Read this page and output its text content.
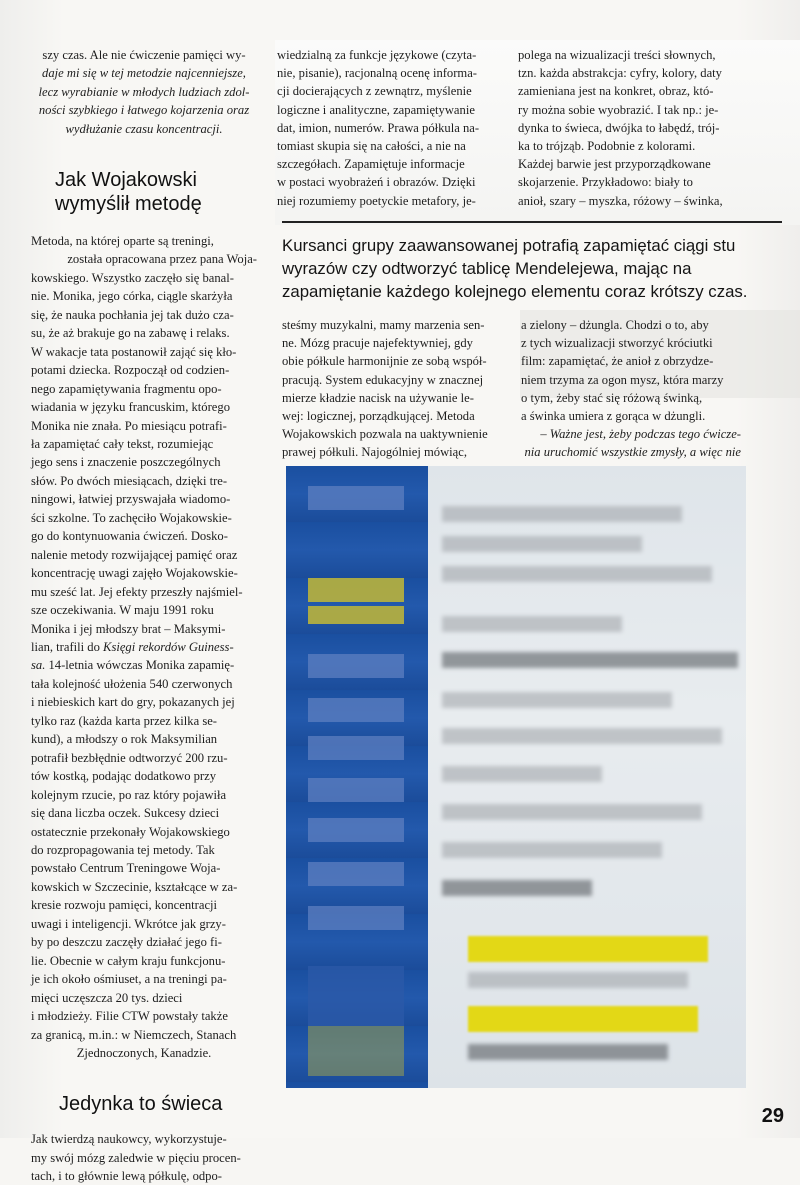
szy czas. Ale nie ćwiczenie pamięci wy-

daje mi się w tej metodzie najcenniejsze,

lecz wyrabianie w młodych ludziach zdol-

ności szybkiego i łatwego kojarzenia oraz

wydłużanie czasu koncentracji.

Jak Wojakowski
wymyślił metodę

Metoda, na której oparte są treningi,

została opracowana przez pana Woja-

kowskiego. Wszystko zaczęło się banal-

nie. Monika, jego córka, ciągle skarżyła

się, że nauka pochłania jej tak dużo cza-

su, że aż brakuje go na zabawę i relaks.

W wakacje tata postanowił zająć się kło-

potami dziecka. Rozpoczął od codzien-

nego zapamiętywania fragmentu opo-

wiadania w języku francuskim, którego

Monika nie znała. Po miesiącu potrafi-

ła zapamiętać cały tekst, rozumiejąc

jego sens i znaczenie poszczególnych

słów. Po dwóch miesiącach, dzięki tre-

ningowi, łatwiej przyswajała wiadomo-

ści szkolne. To zachęciło Wojakowskie-

go do kontynuowania ćwiczeń. Dosko-

nalenie metody rozwijającej pamięć oraz

koncentrację uwagi zajęło Wojakowskie-

mu sześć lat. Jej efekty przeszły najśmiel-

sze oczekiwania. W maju 1991 roku

Monika i jej młodszy brat – Maksymi-

lian, trafili do Księgi rekordów Guiness-

sa. 14-letnia wówczas Monika zapamię-

tała kolejność ułożenia 540 czerwonych

i niebieskich kart do gry, pokazanych jej

tylko raz (każda karta przez kilka se-

kund), a młodszy o rok Maksymilian

potrafił bezbłędnie odtworzyć 200 rzu-

tów kostką, podając dodatkowo przy

kolejnym rzucie, po raz który pojawiła

się dana liczba oczek. Sukcesy dzieci

ostatecznie przekonały Wojakowskiego

do rozpropagowania tej metody. Tak

powstało Centrum Treningowe Woja-

kowskich w Szczecinie, kształcące w za-

kresie rozwoju pamięci, koncentracji

uwagi i inteligencji. Wkrótce jak grzy-

by po deszczu zaczęły działać jego fi-

lie. Obecnie w całym kraju funkcjonu-

je ich około ośmiuset, a na treningi pa-

mięci uczęszcza 20 tys. dzieci

i młodzieży. Filie CTW powstały także

za granicą, m.in.: w Niemczech, Stanach

Zjednoczonych, Kanadzie.

Jedynka to świeca

Jak twierdzą naukowcy, wykorzystuje-

my swój mózg zaledwie w pięciu procen-

tach, i to głównie lewą półkulę, odpo-

wiedzialną za funkcje językowe (czyta-

nie, pisanie), racjonalną ocenę informa-

cji docierających z zewnątrz, myślenie

logiczne i analityczne, zapamiętywanie

dat, imion, numerów. Prawa półkula na-

tomiast skupia się na całości, a nie na

szczegółach. Zapamiętuje informacje

w postaci wyobrażeń i obrazów. Dzięki

niej rozumiemy poetyckie metafory, je-

polega na wizualizacji treści słownych,

tzn. każda abstrakcja: cyfry, kolory, daty

zamieniana jest na konkret, obraz, któ-

ry można sobie wyobrazić. I tak np.: je-

dynka to świeca, dwójka to łabędź, trój-

ka to trójząb. Podobnie z kolorami.

Każdej barwie jest przyporządkowane

skojarzenie. Przykładowo: biały to

anioł, szary – myszka, różowy – świnka,

Kursanci grupy zaawansowanej potrafią zapamiętać ciągi stu

wyrazów czy odtworzyć tablicę Mendelejewa, mając na

zapamiętanie każdego kolejnego elementu coraz krótszy czas.

steśmy muzykalni, mamy marzenia sen-

ne. Mózg pracuje najefektywniej, gdy

obie półkule harmonijnie ze sobą współ-

pracują. System edukacyjny w znacznej

mierze kładzie nacisk na używanie le-

wej: logicznej, porządkującej. Metoda

Wojakowskich pozwala na uaktywnienie

prawej półkuli. Najogólniej mówiąc,

a zielony – dżungla. Chodzi o to, aby

z tych wizualizacji stworzyć króciutki

film: zapamiętać, że anioł z obrzydze-

niem trzyma za ogon mysz, która marzy

o tym, żeby stać się różową świnką,

a świnka umiera z gorąca w dżungli.

– Ważne jest, żeby podczas tego ćwicze-

nia uruchomić wszystkie zmysły, a więc nie

29
